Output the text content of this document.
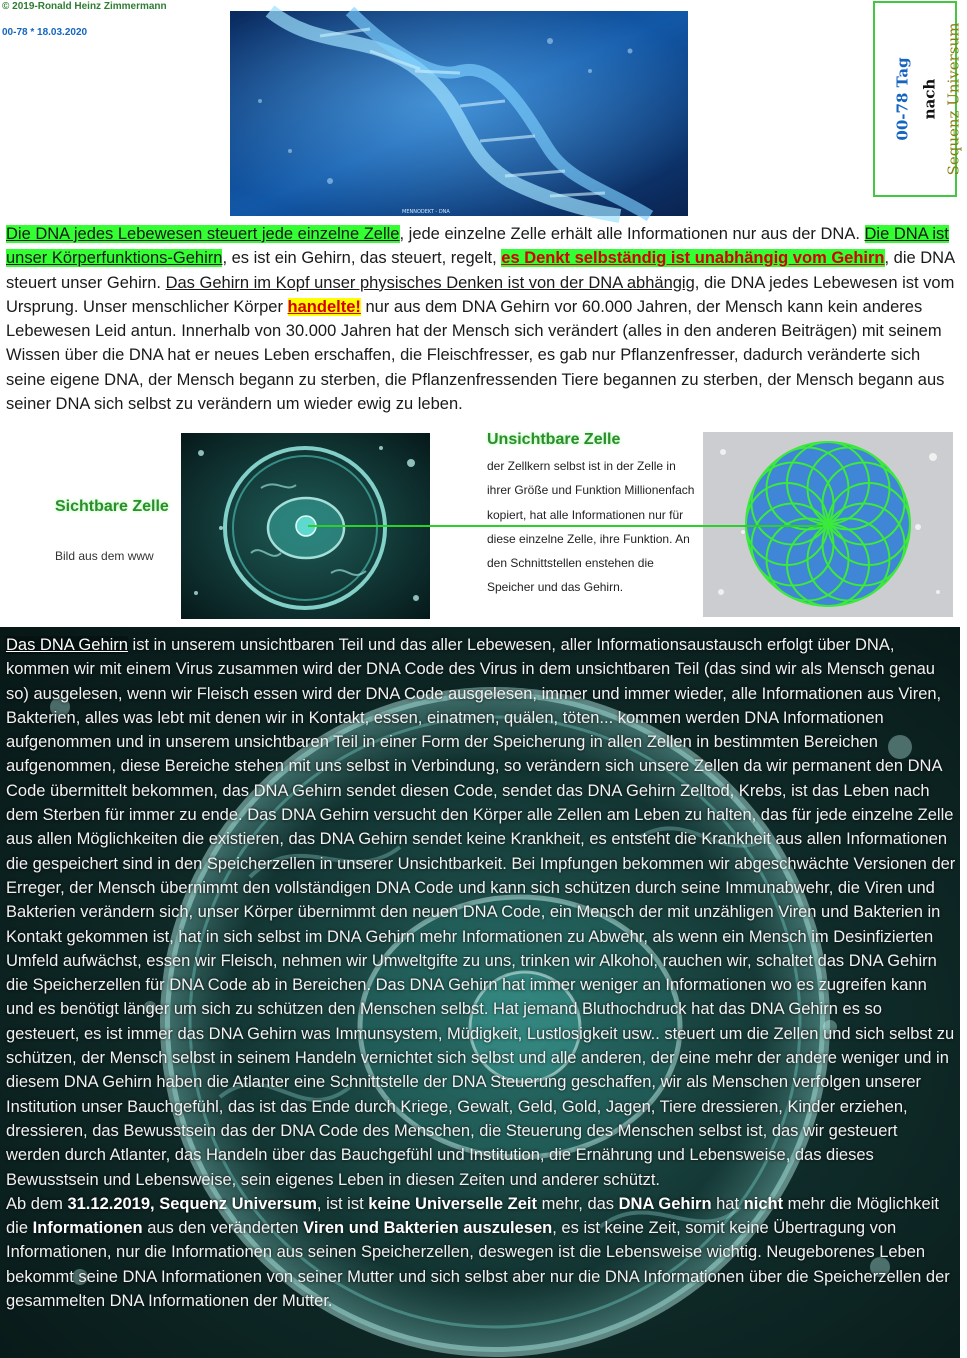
© 2019-Ronald Heinz Zimmermann
00-78 * 18.03.2020
MENNODEKT - DNA
00-78 Tag nach Sequenz Universum

Die DNA jedes Lebewesen steuert jede einzelne Zelle, jede einzelne Zelle erhält alle Informationen nur aus der DNA. Die DNA ist unser Körperfunktions-Gehirn, es ist ein Gehirn, das steuert, regelt, es Denkt selbständig ist unabhängig vom Gehirn, die DNA steuert unser Gehirn. Das Gehirn im Kopf unser physisches Denken ist von der DNA abhängig, die DNA jedes Lebewesen ist vom Ursprung. Unser menschlicher Körper handelte! nur aus dem DNA Gehirn vor 60.000 Jahren, der Mensch kann kein anderes Lebewesen Leid antun. Innerhalb von 30.000 Jahren hat der Mensch sich verändert (alles in den anderen Beiträgen) mit seinem Wissen über die DNA hat er neues Leben erschaffen, die Fleischfresser, es gab nur Pflanzenfresser, dadurch veränderte sich seine eigene DNA, der Mensch begann zu sterben, die Pflanzenfressenden Tiere begannen zu sterben, der Mensch begann aus seiner DNA sich selbst zu verändern um wieder ewig zu leben.

Sichtbare Zelle
Bild aus dem www
Unsichtbare Zelle

der Zellkern selbst ist in der Zelle in ihrer Größe und Funktion Millionenfach kopiert, hat alle Informationen nur für diese einzelne Zelle, ihre Funktion. An den Schnittstellen enstehen die Speicher und das Gehirn.

Das DNA Gehirn ist in unserem unsichtbaren Teil und das aller Lebewesen, aller Informationsaustausch erfolgt über DNA, kommen wir mit einem Virus zusammen wird der DNA Code des Virus in dem unsichtbaren Teil (das sind wir als Mensch genau so) ausgelesen, wenn wir Fleisch essen wird der DNA Code ausgelesen, immer und immer wieder, alle Informationen aus Viren, Bakterien, alles was lebt mit denen wir in Kontakt, essen, einatmen, quälen, töten... kommen werden DNA Informationen aufgenommen und in unserem unsichtbaren Teil in einer Form der Speicherung in allen Zellen in bestimmten Bereichen aufgenommen, diese Bereiche stehen mit uns selbst in Verbindung, so verändern sich unsere Zellen da wir permanent den DNA Code übermittelt bekommen, das DNA Gehirn sendet diesen Code, sendet das DNA Gehirn Zelltod, Krebs, ist das Leben nach dem Sterben für immer zu ende. Das DNA Gehirn versucht den Körper alle Zellen am Leben zu halten, das für jede einzelne Zelle aus allen Möglichkeiten die existieren, das DNA Gehirn sendet keine Krankheit, es entsteht die Krankheit aus allen Informationen die gespeichert sind in den Speicherzellen in unserer Unsichtbarkeit. Bei Impfungen bekommen wir abgeschwächte Versionen der Erreger, der Mensch übernimmt den vollständigen DNA Code und kann sich schützen durch seine Immunabwehr, die Viren und Bakterien verändern sich, unser Körper übernimmt den neuen DNA Code, ein Mensch der mit unzähligen Viren und Bakterien in Kontakt gekommen ist, hat in sich selbst im DNA Gehirn mehr Informationen zu Abwehr, als wenn ein Mensch im Desinfizierten Umfeld aufwächst, essen wir Fleisch, nehmen wir Umweltgifte zu uns, trinken wir Alkohol, rauchen wir, schaltet das DNA Gehirn die Speicherzellen für DNA Code ab in Bereichen. Das DNA Gehirn hat immer weniger an Informationen wo es zugreifen kann und es benötigt länger um sich zu schützen den Menschen selbst. Hat jemand Bluthochdruck hat das DNA Gehirn es so gesteuert, es ist immer das DNA Gehirn was Immunsystem, Müdigkeit, Lustlosigkeit usw.. steuert um die Zellen und sich selbst zu schützen, der Mensch selbst in seinem Handeln vernichtet sich selbst und alle anderen, der eine mehr der andere weniger und in diesem DNA Gehirn haben die Atlanter eine Schnittstelle der DNA Steuerung geschaffen, wir als Menschen verfolgen unserer Institution unser Bauchgefühl, das ist das Ende durch Kriege, Gewalt, Geld, Gold, Jagen, Tiere dressieren, Kinder erziehen, dressieren, das Bewusstsein das der DNA Code des Menschen, die Steuerung des Menschen selbst ist, das wir gesteuert werden durch Atlanter, das Handeln über das Bauchgefühl und Institution, die Ernährung und Lebensweise, das dieses Bewusstsein und Lebensweise, sein eigenes Leben in diesen Zeiten und anderer schützt.
Ab dem 31.12.2019, Sequenz Universum, ist ist keine Universelle Zeit mehr, das DNA Gehirn hat nicht mehr die Möglichkeit die Informationen aus den veränderten Viren und Bakterien auszulesen, es ist keine Zeit, somit keine Übertragung von Informationen, nur die Informationen aus seinen Speicherzellen, deswegen ist die Lebensweise wichtig. Neugeborenes Leben bekommt seine DNA Informationen von seiner Mutter und sich selbst aber nur die DNA Informationen über die Speicherzellen der gesammelten DNA Informationen der Mutter.
